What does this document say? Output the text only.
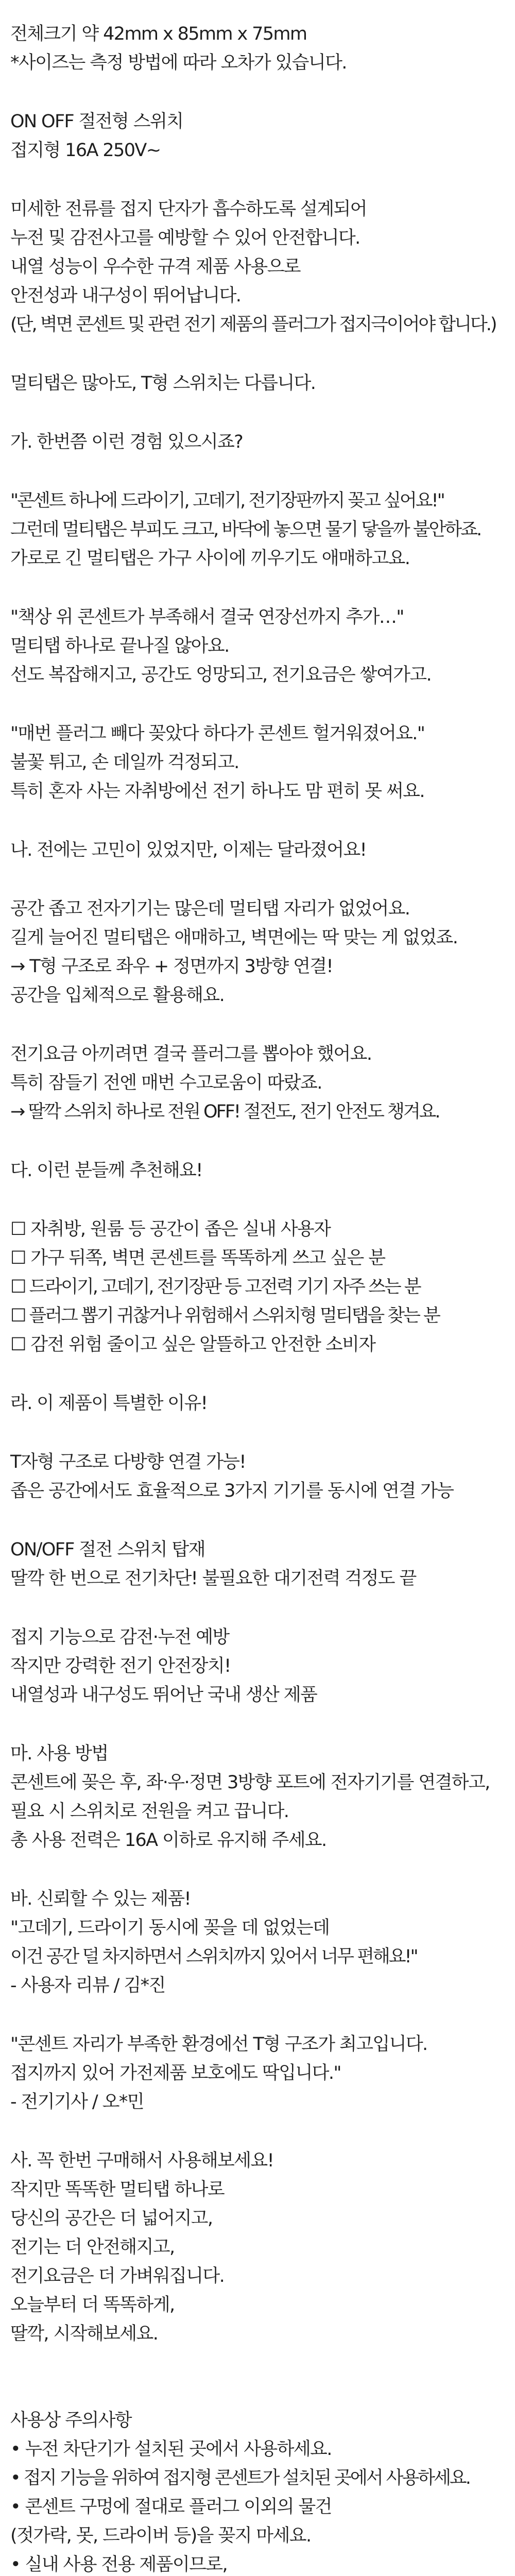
전체크기 약 42mm x 85mm x 75mm
*사이즈는 측정 방법에 따라 오차가 있습니다.
ON OFF 절전형 스위치
접지형 16A 250V~
미세한 전류를 접지 단자가 흡수하도록 설계되어
누전 및 감전사고를 예방할 수 있어 안전합니다.
내열 성능이 우수한 규격 제품 사용으로
안전성과 내구성이 뛰어납니다.
(단, 벽면 콘센트 및 관련 전기 제품의 플러그가 접지극이어야 합니다.)
멀티탭은 많아도, T형 스위치는 다릅니다.
가. 한번쯤 이런 경험 있으시죠?
"콘센트 하나에 드라이기, 고데기, 전기장판까지 꽂고 싶어요!"
그런데 멀티탭은 부피도 크고, 바닥에 놓으면 물기 닿을까 불안하죠.
가로로 긴 멀티탭은 가구 사이에 끼우기도 애매하고요.
"책상 위 콘센트가 부족해서 결국 연장선까지 추가…"
멀티탭 하나로 끝나질 않아요.
선도 복잡해지고, 공간도 엉망되고, 전기요금은 쌓여가고.
"매번 플러그 빼다 꽂았다 하다가 콘센트 헐거워졌어요."
불꽃 튀고, 손 데일까 걱정되고.
특히 혼자 사는 자취방에선 전기 하나도 맘 편히 못 써요.
나. 전에는 고민이 있었지만, 이제는 달라졌어요!
공간 좁고 전자기기는 많은데 멀티탭 자리가 없었어요.
길게 늘어진 멀티탭은 애매하고, 벽면에는 딱 맞는 게 없었죠.
→ T형 구조로 좌우 + 정면까지 3방향 연결!
공간을 입체적으로 활용해요.
전기요금 아끼려면 결국 플러그를 뽑아야 했어요.
특히 잠들기 전엔 매번 수고로움이 따랐죠.
→ 딸깍 스위치 하나로 전원 OFF! 절전도, 전기 안전도 챙겨요.
다. 이런 분들께 추천해요!
☐ 자취방, 원룸 등 공간이 좁은 실내 사용자
☐ 가구 뒤쪽, 벽면 콘센트를 똑똑하게 쓰고 싶은 분
☐ 드라이기, 고데기, 전기장판 등 고전력 기기 자주 쓰는 분
☐ 플러그 뽑기 귀찮거나 위험해서 스위치형 멀티탭을 찾는 분
☐ 감전 위험 줄이고 싶은 알뜰하고 안전한 소비자
라. 이 제품이 특별한 이유!
T자형 구조로 다방향 연결 가능!
좁은 공간에서도 효율적으로 3가지 기기를 동시에 연결 가능
ON/OFF 절전 스위치 탑재
딸깍 한 번으로 전기차단! 불필요한 대기전력 걱정도 끝
접지 기능으로 감전·누전 예방
작지만 강력한 전기 안전장치!
내열성과 내구성도 뛰어난 국내 생산 제품
마. 사용 방법
콘센트에 꽂은 후, 좌·우·정면 3방향 포트에 전자기기를 연결하고,
필요 시 스위치로 전원을 켜고 끕니다.
총 사용 전력은 16A 이하로 유지해 주세요.
바. 신뢰할 수 있는 제품!
"고데기, 드라이기 동시에 꽂을 데 없었는데
이건 공간 덜 차지하면서 스위치까지 있어서 너무 편해요!"
- 사용자 리뷰 / 김*진
"콘센트 자리가 부족한 환경에선 T형 구조가 최고입니다.
접지까지 있어 가전제품 보호에도 딱입니다."
- 전기기사 / 오*민
사. 꼭 한번 구매해서 사용해보세요!
작지만 똑똑한 멀티탭 하나로
당신의 공간은 더 넓어지고,
전기는 더 안전해지고,
전기요금은 더 가벼워집니다.
오늘부터 더 똑똑하게,
딸깍, 시작해보세요.
사용상 주의사항
• 누전 차단기가 설치된 곳에서 사용하세요.
• 접지 기능을 위하여 접지형 콘센트가 설치된 곳에서 사용하세요.
• 콘센트 구멍에 절대로 플러그 이외의 물건
(젓가락, 못, 드라이버 등)을 꽂지 마세요.
• 실내 사용 전용 제품이므로,
